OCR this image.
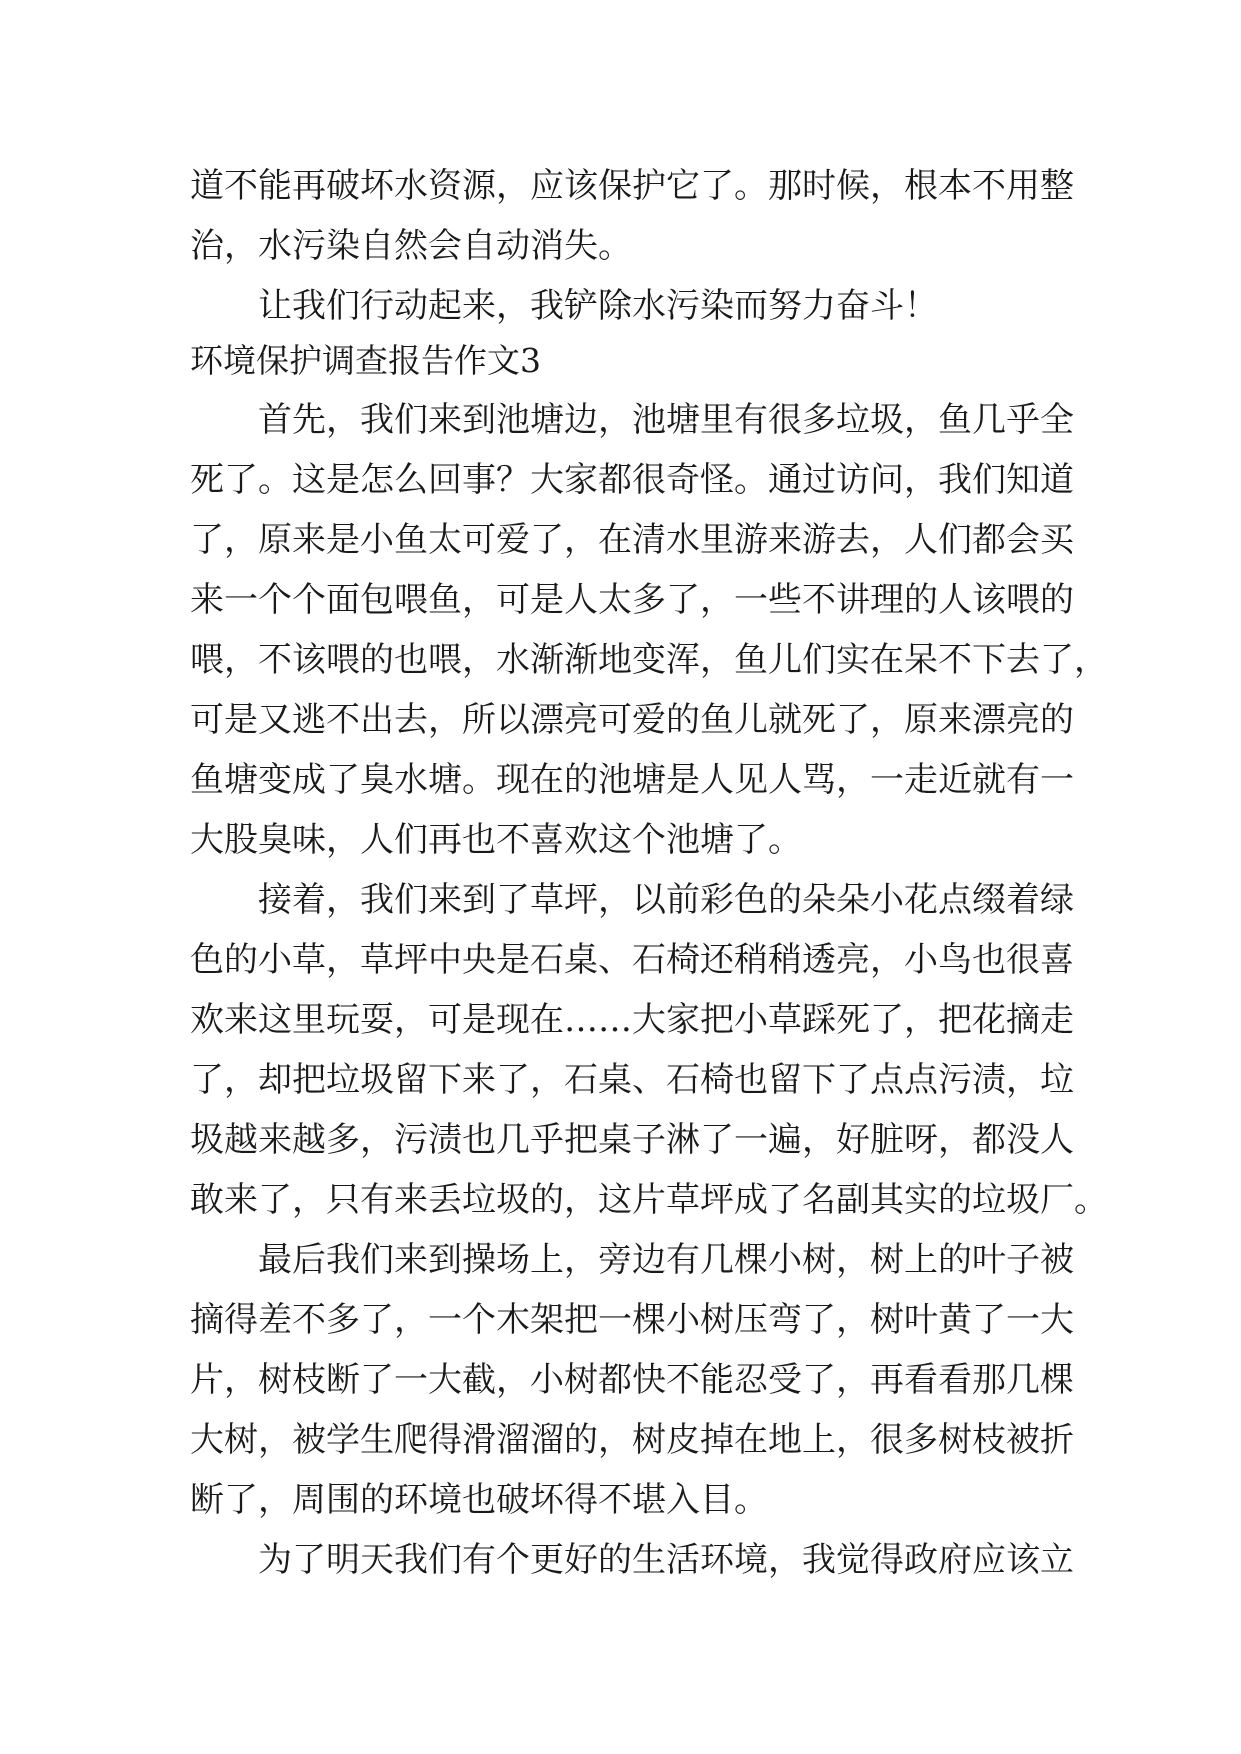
道不能再破坏水资源，应该保护它了。那时候，根本不用整
治，水污染自然会自动消失。
让我们行动起来，我铲除水污染而努力奋斗！
环境保护调查报告作文3
首先，我们来到池塘边，池塘里有很多垃圾，鱼几乎全
死了。这是怎么回事？大家都很奇怪。通过访问，我们知道
了，原来是小鱼太可爱了，在清水里游来游去，人们都会买
来一个个面包喂鱼，可是人太多了，一些不讲理的人该喂的
喂，不该喂的也喂，水渐渐地变浑，鱼儿们实在呆不下去了，
可是又逃不出去，所以漂亮可爱的鱼儿就死了，原来漂亮的
鱼塘变成了臭水塘。现在的池塘是人见人骂，一走近就有一
大股臭味，人们再也不喜欢这个池塘了。
接着，我们来到了草坪，以前彩色的朵朵小花点缀着绿
色的小草，草坪中央是石桌、石椅还稍稍透亮，小鸟也很喜
欢来这里玩耍，可是现在……大家把小草踩死了，把花摘走
了，却把垃圾留下来了，石桌、石椅也留下了点点污渍，垃
圾越来越多，污渍也几乎把桌子淋了一遍，好脏呀，都没人
敢来了，只有来丢垃圾的，这片草坪成了名副其实的垃圾厂。
最后我们来到操场上，旁边有几棵小树，树上的叶子被
摘得差不多了，一个木架把一棵小树压弯了，树叶黄了一大
片，树枝断了一大截，小树都快不能忍受了，再看看那几棵
大树，被学生爬得滑溜溜的，树皮掉在地上，很多树枝被折
断了，周围的环境也破坏得不堪入目。
为了明天我们有个更好的生活环境，我觉得政府应该立
